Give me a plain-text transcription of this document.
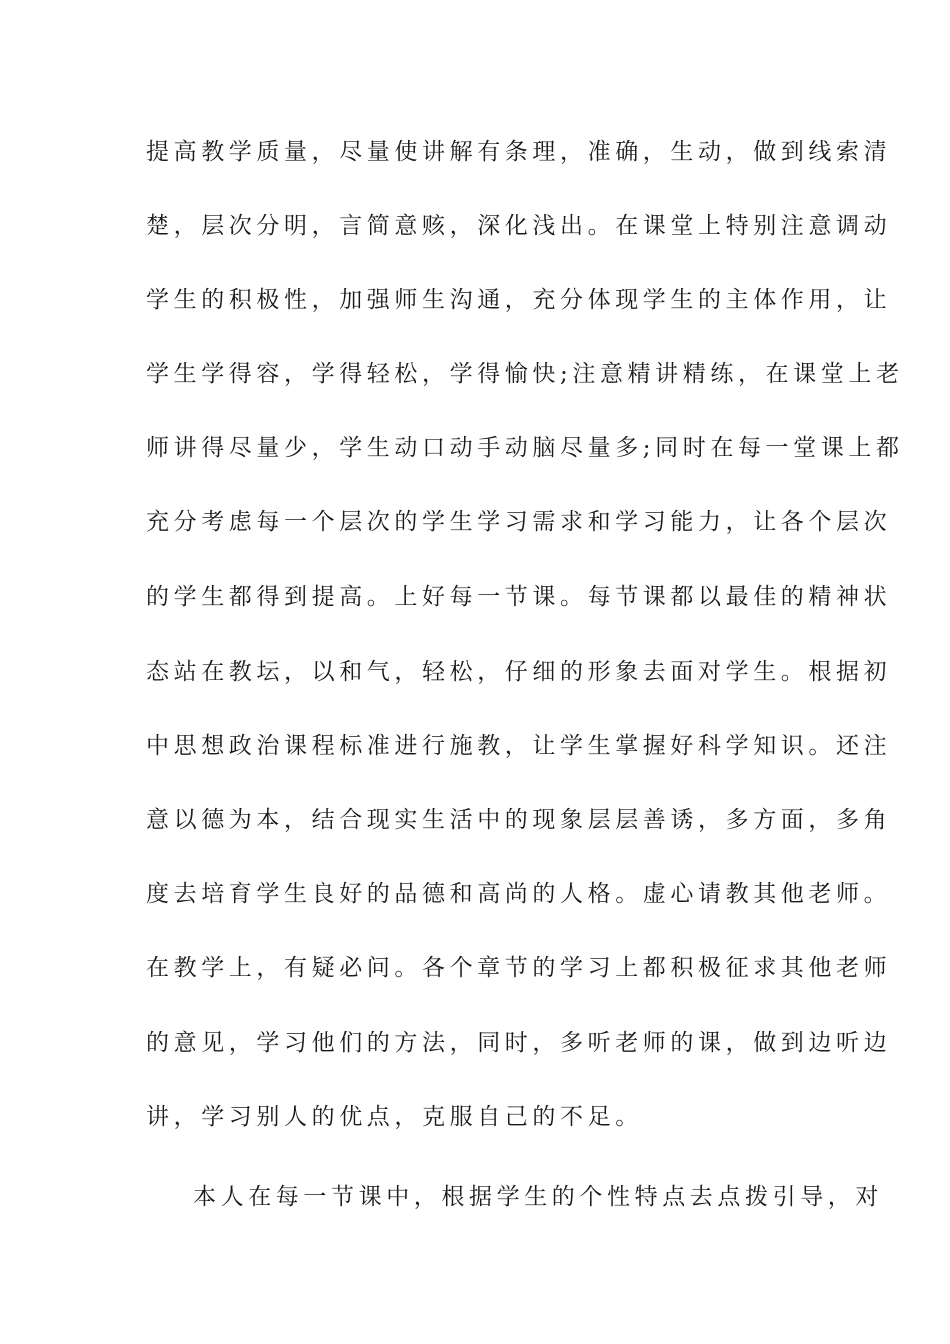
提高教学质量，尽量使讲解有条理，准确，生动，做到线索清
楚，层次分明，言简意赅，深化浅出。在课堂上特别注意调动
学生的积极性，加强师生沟通，充分体现学生的主体作用，让
学生学得容，学得轻松，学得愉快;注意精讲精练，在课堂上老
师讲得尽量少，学生动口动手动脑尽量多;同时在每一堂课上都
充分考虑每一个层次的学生学习需求和学习能力，让各个层次
的学生都得到提高。上好每一节课。每节课都以最佳的精神状
态站在教坛，以和气，轻松，仔细的形象去面对学生。根据初
中思想政治课程标准进行施教，让学生掌握好科学知识。还注
意以德为本，结合现实生活中的现象层层善诱，多方面，多角
度去培育学生良好的品德和高尚的人格。虚心请教其他老师。
在教学上，有疑必问。各个章节的学习上都积极征求其他老师
的意见，学习他们的方法，同时，多听老师的课，做到边听边
讲，学习别人的优点，克服自己的不足。
本人在每一节课中，根据学生的个性特点去点拨引导，对
